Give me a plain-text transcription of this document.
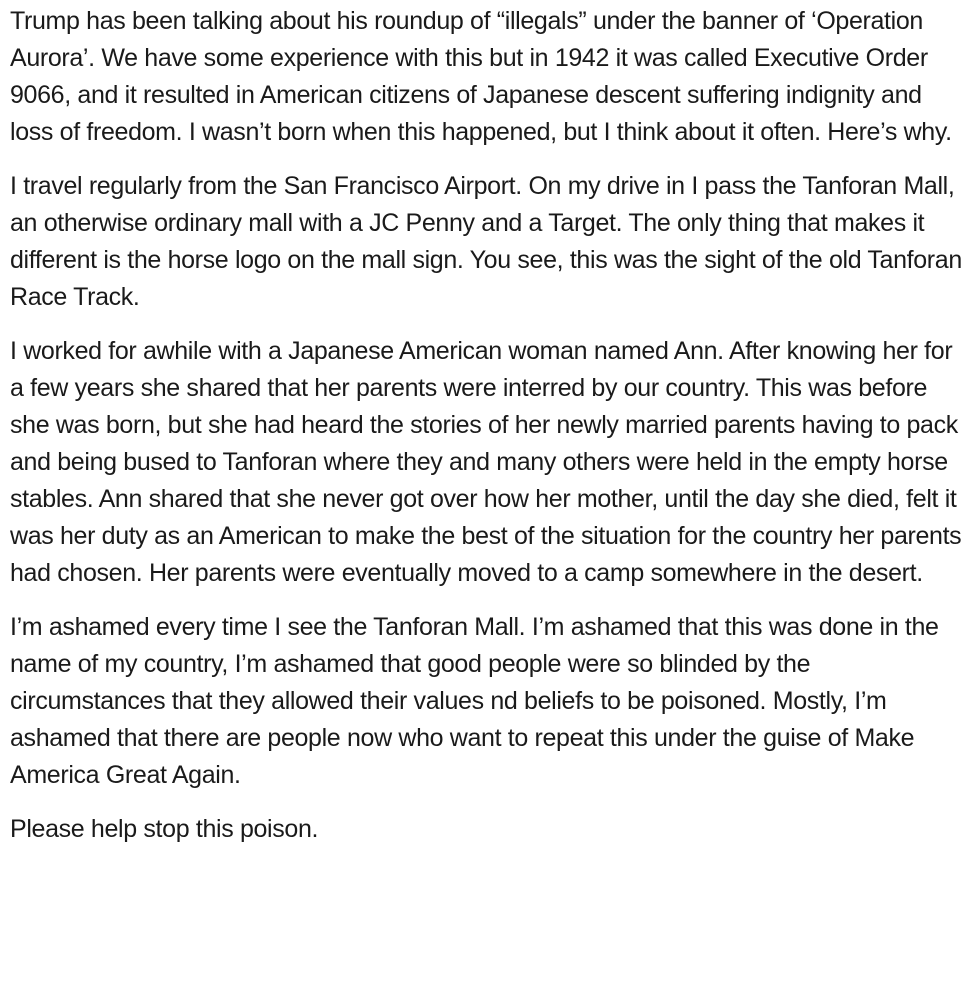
Trump has been talking about his roundup of “illegals” under the banner of ‘Operation Aurora’. We have some experience with this but in 1942 it was called Executive Order 9066, and it resulted in American citizens of Japanese descent suffering indignity and loss of freedom. I wasn’t born when this happened, but I think about it often. Here’s why.

I travel regularly from the San Francisco Airport. On my drive in I pass the Tanforan Mall, an otherwise ordinary mall with a JC Penny and a Target. The only thing that makes it different is the horse logo on the mall sign. You see, this was the sight of the old Tanforan Race Track.

I worked for awhile with a Japanese American woman named Ann. After knowing her for a few years she shared that her parents were interred by our country. This was before she was born, but she had heard the stories of her newly married parents having to pack and being bused to Tanforan where they and many others were held in the empty horse stables. Ann shared that she never got over how her mother, until the day she died, felt it was her duty as an American to make the best of the situation for the country her parents had chosen. Her parents were eventually moved to a camp somewhere in the desert.

I’m ashamed every time I see the Tanforan Mall. I’m ashamed that this was done in the name of my country, I’m ashamed that good people were so blinded by the circumstances that they allowed their values nd beliefs to be poisoned. Mostly, I’m ashamed that there are people now who want to repeat this under the guise of Make America Great Again.

Please help stop this poison.
